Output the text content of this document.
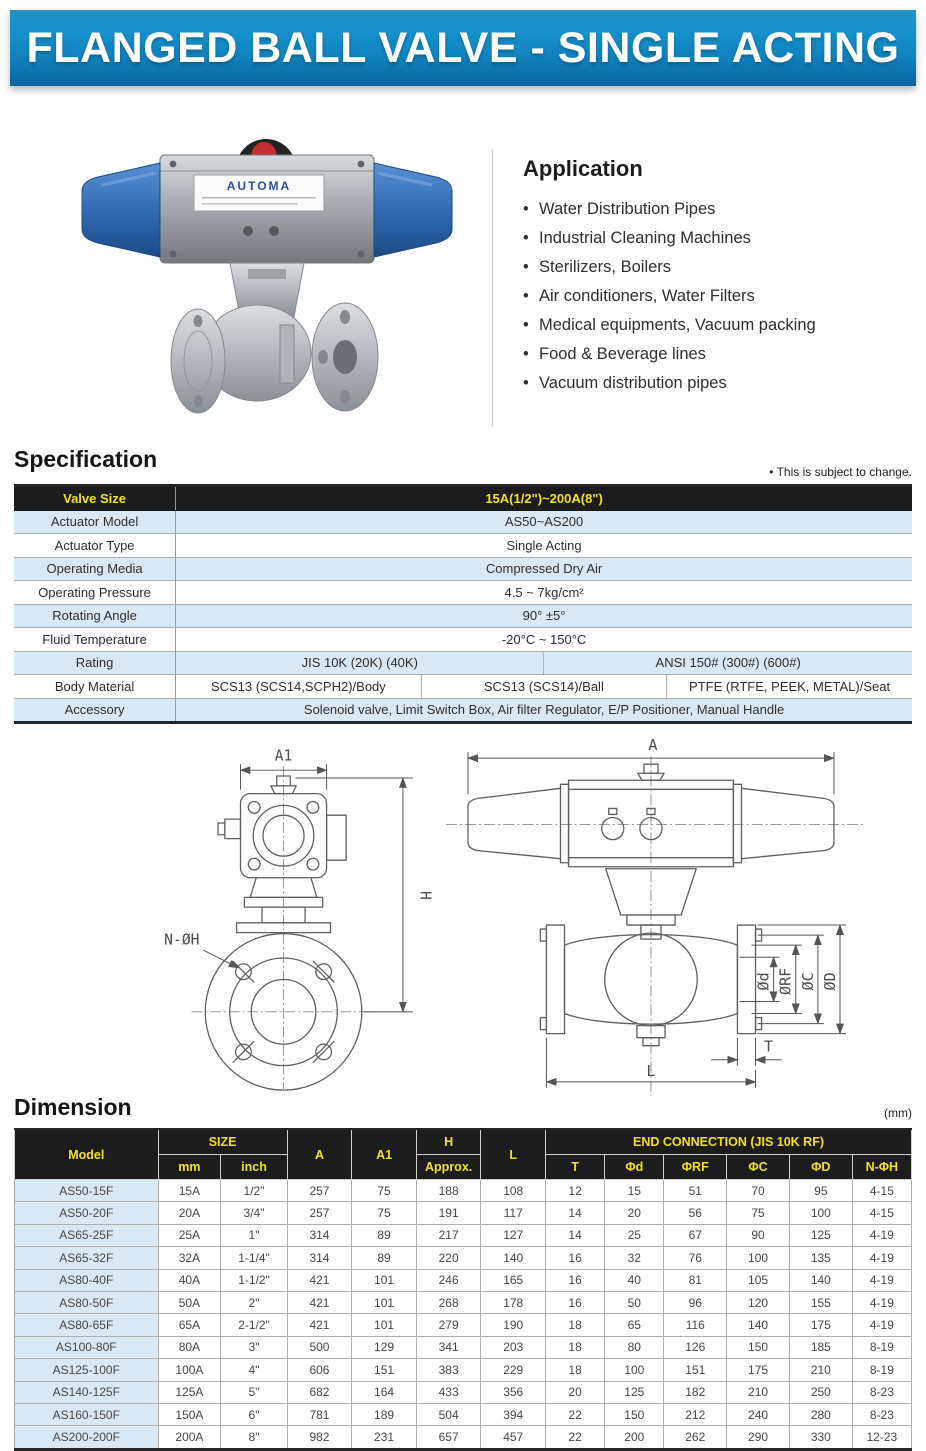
FLANGED BALL VALVE - SINGLE ACTING
AUTOMA
Application
• Water Distribution Pipes
• Industrial Cleaning Machines
• Sterilizers, Boilers
• Air conditioners, Water Filters
• Medical equipments, Vacuum packing
• Food & Beverage lines
• Vacuum distribution pipes
Specification	• This is subject to change.
Valve Size	15A(1/2")~200A(8")			
Actuator Model	AS50~AS200			
Actuator Type	Single Acting			
Operating Media	Compressed Dry Air			
Operating Pressure	4.5 ~ 7kg/cm²			
Rotating Angle	90° ±5°			
Fluid Temperature	-20°C ~ 150°C			
Rating	JIS 10K (20K) (40K)		ANSI 150# (300#) (600#)	
Body Material	SCS13 (SCS14,SCPH2)/Body	SCS13 (SCS14)/Ball		PTFE (RTFE, PEEK, METAL)/Seat
Accessory	Solenoid valve, Limit Switch Box, Air filter Regulator, E/P Positioner, Manual Handle			
A1
H
N-ØH
A
Ød ØRF ØC ØD
T
L
Dimension	(mm)
Model	SIZE		A	A1	H	L	END CONNECTION (JIS 10K RF)					
	mm	inch			Approx.		T	Φd	ΦRF	ΦC	ΦD	N-ΦH
AS50-15F	15A	1/2"	257	75	188	108	12	15	51	70	95	4-15
AS50-20F	20A	3/4"	257	75	191	117	14	20	56	75	100	4-15
AS65-25F	25A	1"	314	89	217	127	14	25	67	90	125	4-19
AS65-32F	32A	1-1/4"	314	89	220	140	16	32	76	100	135	4-19
AS80-40F	40A	1-1/2"	421	101	246	165	16	40	81	105	140	4-19
AS80-50F	50A	2"	421	101	268	178	16	50	96	120	155	4-19
AS80-65F	65A	2-1/2"	421	101	279	190	18	65	116	140	175	4-19
AS100-80F	80A	3"	500	129	341	203	18	80	126	150	185	8-19
AS125-100F	100A	4"	606	151	383	229	18	100	151	175	210	8-19
AS140-125F	125A	5"	682	164	433	356	20	125	182	210	250	8-23
AS160-150F	150A	6"	781	189	504	394	22	150	212	240	280	8-23
AS200-200F	200A	8"	982	231	657	457	22	200	262	290	330	12-23
